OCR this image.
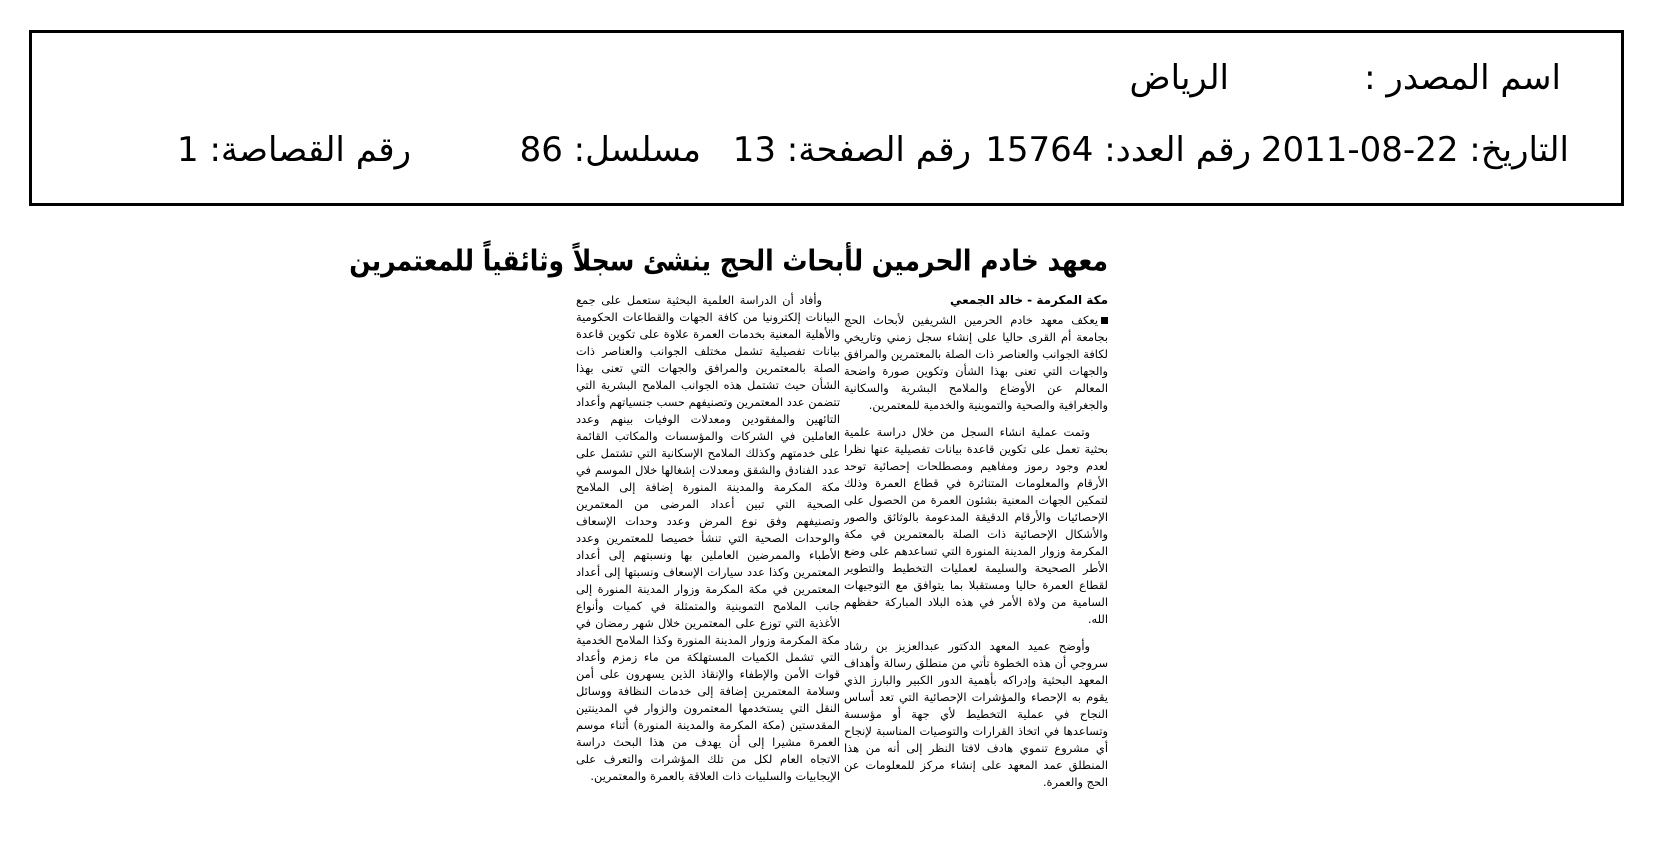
اسم المصدر :
الرياض
التاريخ: 22-08-2011
رقم العدد: 15764
رقم الصفحة: 13
مسلسل: 86
رقم القصاصة: 1
معهد خادم الحرمين لأبحاث الحج ينشئ سجلاً وثائقياً للمعتمرين
مكة المكرمة - خالد الجمعي

يعكف معهد خادم الحرمين الشريفين لأبحاث الحج بجامعة أم القرى حاليا على إنشاء سجل زمني وتاريخي لكافة الجوانب والعناصر ذات الصلة بالمعتمرين والمرافق والجهات التي تعنى بهذا الشأن وتكوين صورة واضحة المعالم عن الأوضاع والملامح البشرية والسكانية والجغرافية والصحية والتموينية والخدمية للمعتمرين.

وتمت عملية انشاء السجل من خلال دراسة علمية بحثية تعمل على تكوين قاعدة بيانات تفصيلية عنها نظرا لعدم وجود رموز ومفاهيم ومصطلحات إحصائية توحد الأرقام والمعلومات المتناثرة في قطاع العمرة وذلك لتمكين الجهات المعنية بشئون العمرة من الحصول على الإحصائيات والأرقام الدقيقة المدعومة بالوثائق والصور والأشكال الإحصائية ذات الصلة بالمعتمرين في مكة المكرمة وزوار المدينة المنورة التي تساعدهم على وضع الأطر الصحيحة والسليمة لعمليات التخطيط والتطوير لقطاع العمرة حاليا ومستقبلا بما يتوافق مع التوجيهات السامية من ولاة الأمر في هذه البلاد المباركة حفظهم الله.

وأوضح عميد المعهد الدكتور عبدالعزيز بن رشاد سروجي أن هذه الخطوة تأتي من منطلق رسالة وأهداف المعهد البحثية وإدراكه بأهمية الدور الكبير والبارز الذي يقوم به الإحصاء والمؤشرات الإحصائية التي تعد أساس النجاح في عملية التخطيط لأي جهة أو مؤسسة وتساعدها في اتخاذ القرارات والتوصيات المناسبة لإنجاح أي مشروع تنموي هادف لافتا النظر إلى أنه من هذا المنطلق عمد المعهد على إنشاء مركز للمعلومات عن الحج والعمرة.

وأفاد أن الدراسة العلمية البحثية ستعمل على جمع البيانات إلكترونيا من كافة الجهات والقطاعات الحكومية والأهلية المعنية بخدمات العمرة علاوة على تكوين قاعدة بيانات تفصيلية تشمل مختلف الجوانب والعناصر ذات الصلة بالمعتمرين والمرافق والجهات التي تعنى بهذا الشأن حيث تشتمل هذه الجوانب الملامح البشرية التي تتضمن عدد المعتمرين وتصنيفهم حسب جنسياتهم وأعداد التائهين والمفقودين ومعدلات الوفيات بينهم وعدد العاملين في الشركات والمؤسسات والمكاتب القائمة على خدمتهم وكذلك الملامح الإسكانية التي تشتمل على عدد الفنادق والشقق ومعدلات إشغالها خلال الموسم في مكة المكرمة والمدينة المنورة إضافة إلى الملامح الصحية التي تبين أعداد المرضى من المعتمرين وتصنيفهم وفق نوع المرض وعدد وحدات الإسعاف والوحدات الصحية التي تنشأ خصيصا للمعتمرين وعدد الأطباء والممرضين العاملين بها ونسبتهم إلى أعداد المعتمرين وكذا عدد سيارات الإسعاف ونسبتها إلى أعداد المعتمرين في مكة المكرمة وزوار المدينة المنورة إلى جانب الملامح التموينية والمتمثلة في كميات وأنواع الأغذية التي توزع على المعتمرين خلال شهر رمضان في مكة المكرمة وزوار المدينة المنورة وكذا الملامح الخدمية التي تشمل الكميات المستهلكة من ماء زمزم وأعداد قوات الأمن والإطفاء والإنقاذ الذين يسهرون على أمن وسلامة المعتمرين إضافة إلى خدمات النظافة ووسائل النقل التي يستخدمها المعتمرون والزوار في المدينتين المقدستين (مكة المكرمة والمدينة المنورة) أثناء موسم العمرة مشيرا إلى أن يهدف من هذا البحث دراسة الاتجاه العام لكل من تلك المؤشرات والتعرف على الإيجابيات والسلبيات ذات العلاقة بالعمرة والمعتمرين.
